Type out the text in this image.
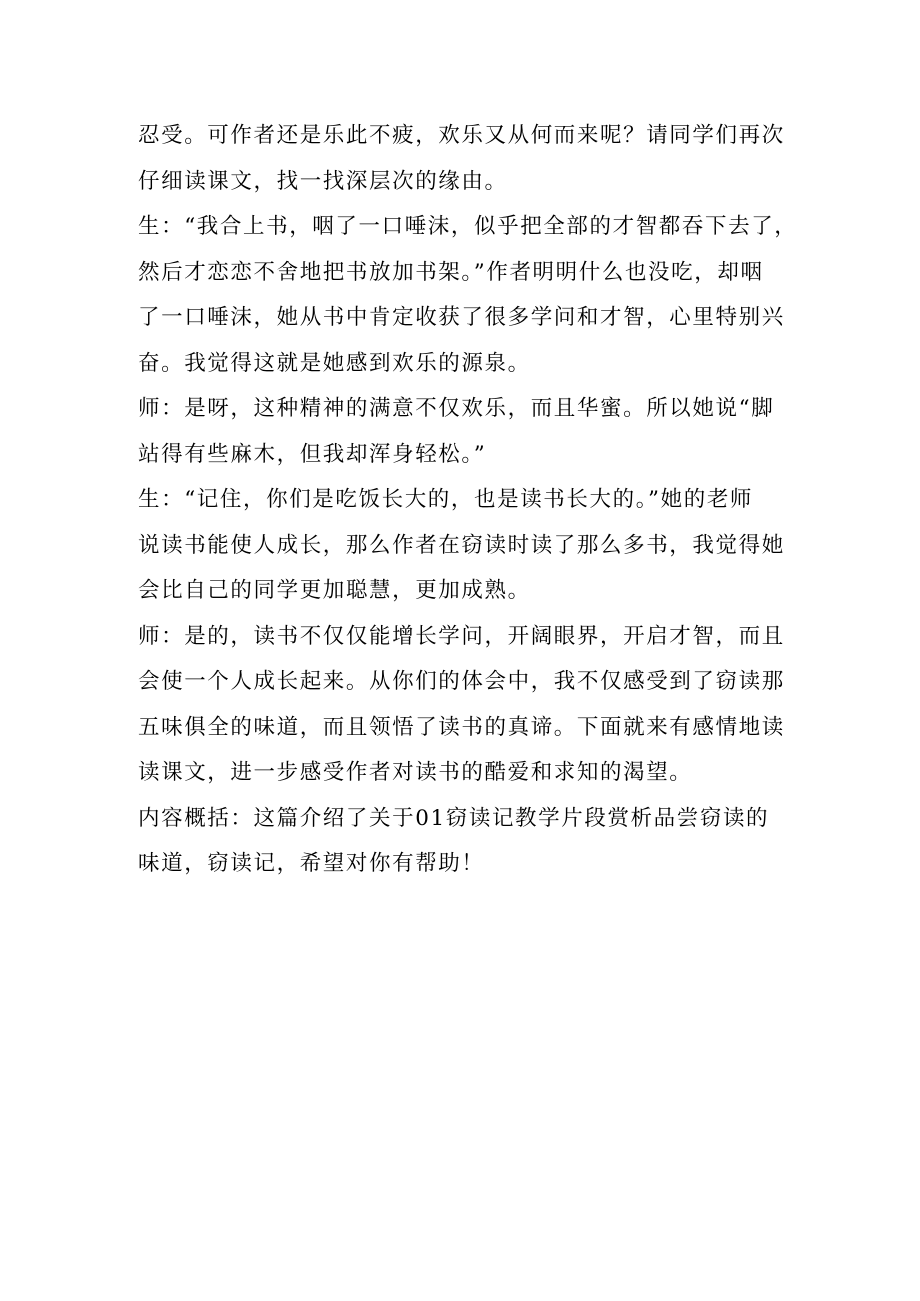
忍受。可作者还是乐此不疲，欢乐又从何而来呢？请同学们再次
仔细读课文，找一找深层次的缘由。

生：“我合上书，咽了一口唾沫，似乎把全部的才智都吞下去了，
然后才恋恋不舍地把书放加书架。”作者明明什么也没吃，却咽
了一口唾沫，她从书中肯定收获了很多学问和才智，心里特别兴
奋。我觉得这就是她感到欢乐的源泉。

师：是呀，这种精神的满意不仅欢乐，而且华蜜。所以她说“脚
站得有些麻木，但我却浑身轻松。”

生：“记住，你们是吃饭长大的，也是读书长大的。”她的老师
说读书能使人成长，那么作者在窃读时读了那么多书，我觉得她
会比自己的同学更加聪慧，更加成熟。

师：是的，读书不仅仅能增长学问，开阔眼界，开启才智，而且
会使一个人成长起来。从你们的体会中，我不仅感受到了窃读那
五味俱全的味道，而且领悟了读书的真谛。下面就来有感情地读
读课文，进一步感受作者对读书的酷爱和求知的渴望。

内容概括：这篇介绍了关于01窃读记教学片段赏析品尝窃读的
味道，窃读记，希望对你有帮助！
